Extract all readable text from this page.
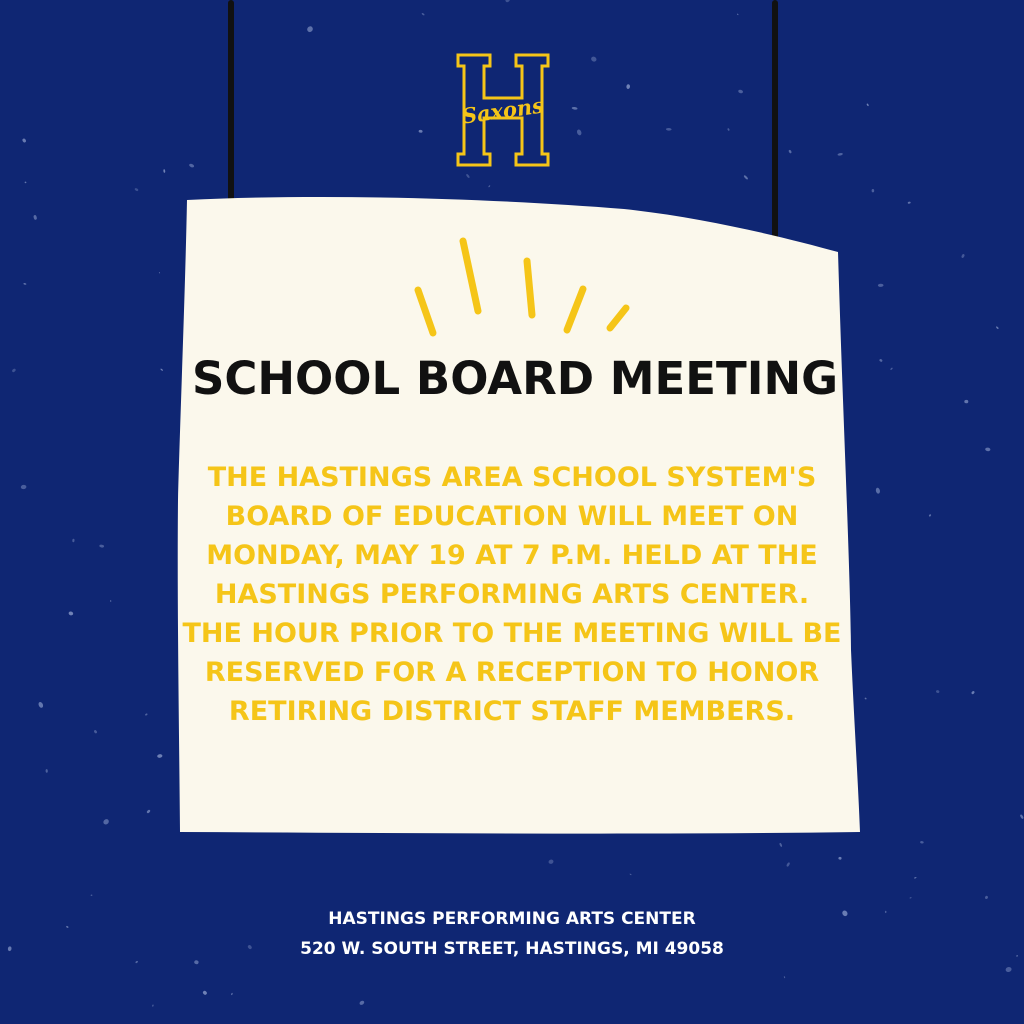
Saxons
SCHOOL BOARD MEETING
THE HASTINGS AREA SCHOOL SYSTEM'S
BOARD OF EDUCATION WILL MEET ON
MONDAY, MAY 19 AT 7 P.M. HELD AT THE
HASTINGS PERFORMING ARTS CENTER.
THE HOUR PRIOR TO THE MEETING WILL BE
RESERVED FOR A RECEPTION TO HONOR
RETIRING DISTRICT STAFF MEMBERS.
HASTINGS PERFORMING ARTS CENTER
520 W. SOUTH STREET, HASTINGS, MI 49058
